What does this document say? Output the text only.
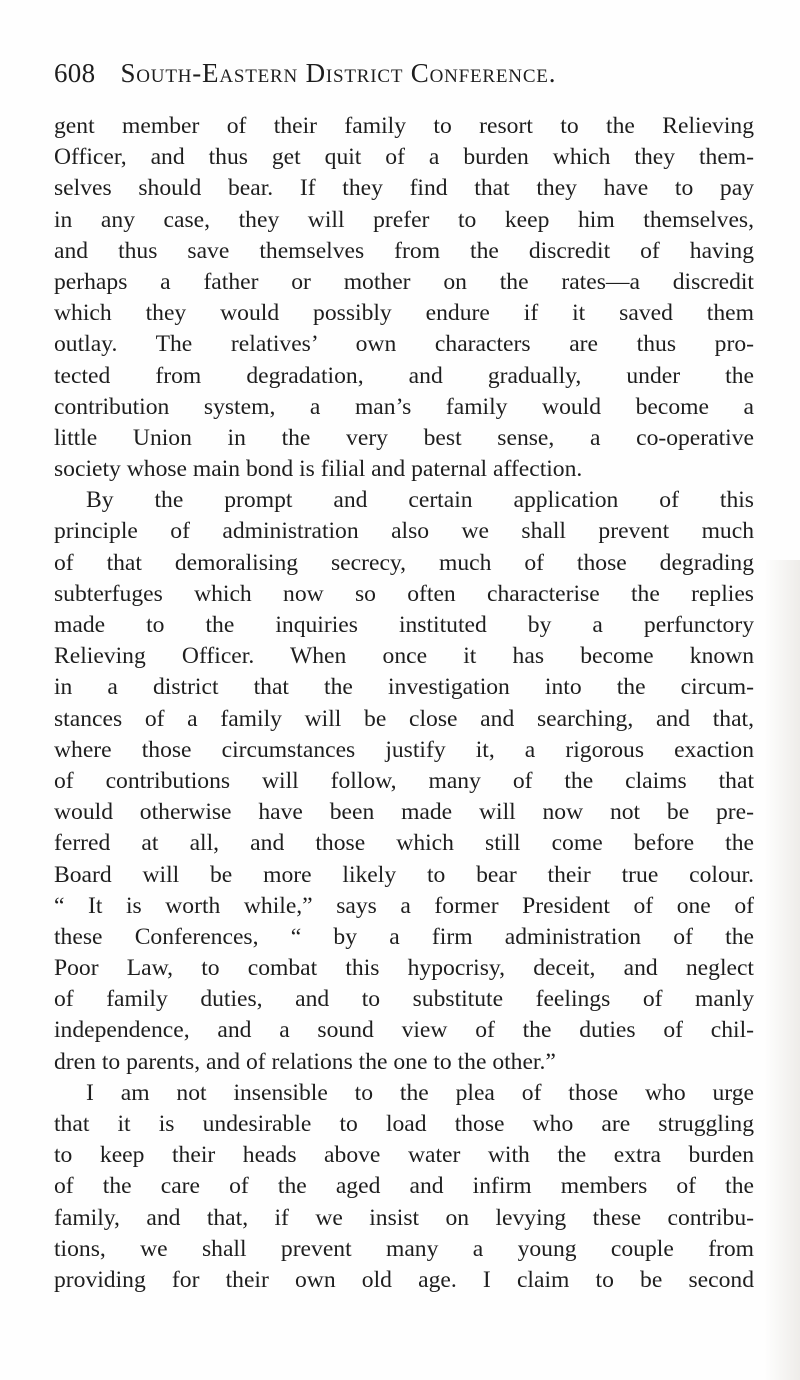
608 South-Eastern District Conference.
gent member of their family to resort to the Relieving
Officer, and thus get quit of a burden which they them-
selves should bear. If they find that they have to pay
in any case, they will prefer to keep him themselves,
and thus save themselves from the discredit of having
perhaps a father or mother on the rates—a discredit
which they would possibly endure if it saved them
outlay. The relatives’ own characters are thus pro-
tected from degradation, and gradually, under the
contribution system, a man’s family would become a
little Union in the very best sense, a co-operative
society whose main bond is filial and paternal affection.
By the prompt and certain application of this
principle of administration also we shall prevent much
of that demoralising secrecy, much of those degrading
subterfuges which now so often characterise the replies
made to the inquiries instituted by a perfunctory
Relieving Officer. When once it has become known
in a district that the investigation into the circum-
stances of a family will be close and searching, and that,
where those circumstances justify it, a rigorous exaction
of contributions will follow, many of the claims that
would otherwise have been made will now not be pre-
ferred at all, and those which still come before the
Board will be more likely to bear their true colour.
“ It is worth while,” says a former President of one of
these Conferences, “ by a firm administration of the
Poor Law, to combat this hypocrisy, deceit, and neglect
of family duties, and to substitute feelings of manly
independence, and a sound view of the duties of chil-
dren to parents, and of relations the one to the other.”
I am not insensible to the plea of those who urge
that it is undesirable to load those who are struggling
to keep their heads above water with the extra burden
of the care of the aged and infirm members of the
family, and that, if we insist on levying these contribu-
tions, we shall prevent many a young couple from
providing for their own old age. I claim to be second
